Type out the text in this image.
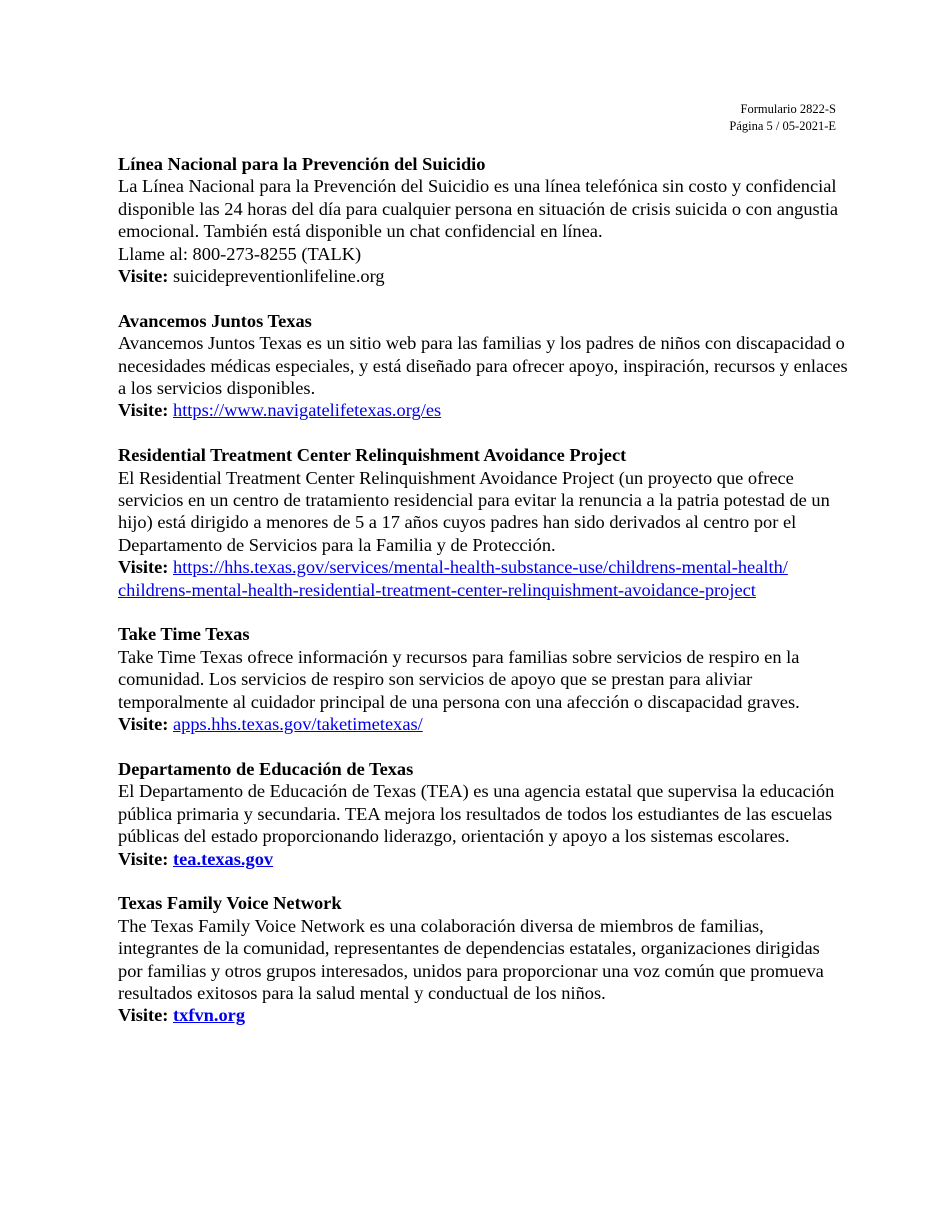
Formulario 2822-S
Página 5 / 05-2021-E
Línea Nacional para la Prevención del Suicidio

La Línea Nacional para la Prevención del Suicidio es una línea telefónica sin costo y confidencial disponible las 24 horas del día para cualquier persona en situación de crisis suicida o con angustia emocional. También está disponible un chat confidencial en línea.

Llame al: 800-273-8255 (TALK)

Visite: suicidepreventionlifeline.org

Avancemos Juntos Texas

Avancemos Juntos Texas es un sitio web para las familias y los padres de niños con discapacidad o necesidades médicas especiales, y está diseñado para ofrecer apoyo, inspiración, recursos y enlaces a los servicios disponibles.

Visite: https://www.navigatelifetexas.org/es

Residential Treatment Center Relinquishment Avoidance Project

El Residential Treatment Center Relinquishment Avoidance Project (un proyecto que ofrece servicios en un centro de tratamiento residencial para evitar la renuncia a la patria potestad de un hijo) está dirigido a menores de 5 a 17 años cuyos padres han sido derivados al centro por el Departamento de Servicios para la Familia y de Protección.

Visite: https://hhs.texas.gov/services/mental-health-substance-use/childrens-mental-health/
childrens-mental-health-residential-treatment-center-relinquishment-avoidance-project

Take Time Texas

Take Time Texas ofrece información y recursos para familias sobre servicios de respiro en la comunidad. Los servicios de respiro son servicios de apoyo que se prestan para aliviar temporalmente al cuidador principal de una persona con una afección o discapacidad graves.

Visite: apps.hhs.texas.gov/taketimetexas/

Departamento de Educación de Texas

El Departamento de Educación de Texas (TEA) es una agencia estatal que supervisa la educación pública primaria y secundaria. TEA mejora los resultados de todos los estudiantes de las escuelas públicas del estado proporcionando liderazgo, orientación y apoyo a los sistemas escolares.

Visite: tea.texas.gov

Texas Family Voice Network

The Texas Family Voice Network es una colaboración diversa de miembros de familias, integrantes de la comunidad, representantes de dependencias estatales, organizaciones dirigidas por familias y otros grupos interesados, unidos para proporcionar una voz común que promueva resultados exitosos para la salud mental y conductual de los niños.

Visite: txfvn.org
